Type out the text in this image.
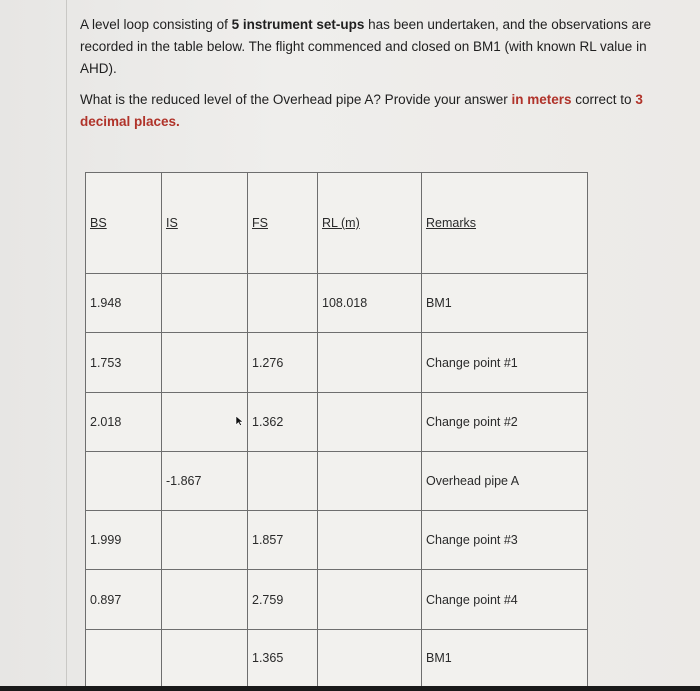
A level loop consisting of 5 instrument set-ups has been undertaken, and the observations are recorded in the table below. The flight commenced and closed on BM1 (with known RL value in AHD).

What is the reduced level of the Overhead pipe A? Provide your answer in meters correct to 3
decimal places.

BS	IS	FS	RL (m)	Remarks

1.948			108.018	BM1

1.753		1.276		Change point #1

2.018		1.362		Change point #2

	-1.867			Overhead pipe A

1.999		1.857		Change point #3

0.897		2.759		Change point #4

		1.365		BM1
